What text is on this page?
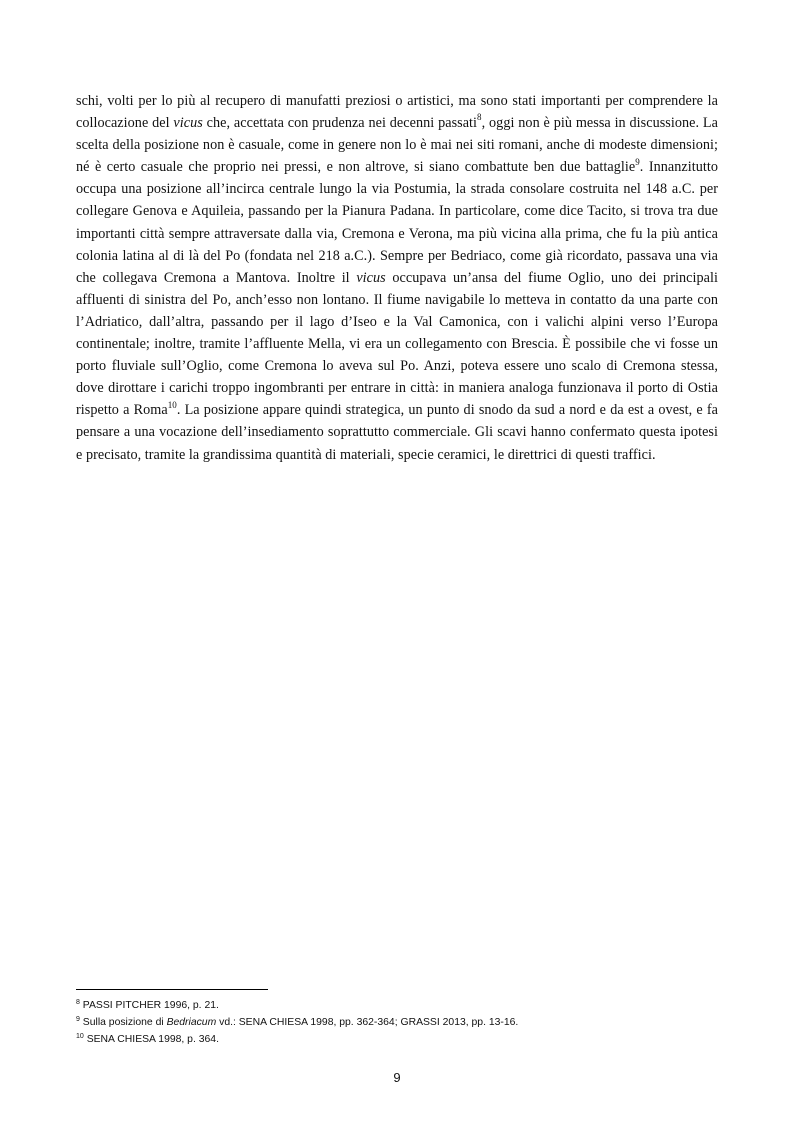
schi, volti per lo più al recupero di manufatti preziosi o artistici, ma sono stati importanti per comprendere la collocazione del vicus che, accettata con prudenza nei decenni passati$^8$, oggi non è più messa in discussione. La scelta della posizione non è casuale, come in genere non lo è mai nei siti romani, anche di modeste dimensioni; né è certo casuale che proprio nei pressi, e non altrove, si siano combattute ben due battaglie$^9$. Innanzitutto occupa una posizione all’incirca centrale lungo la via Postumia, la strada consolare costruita nel 148 a.C. per collegare Genova e Aquileia, passando per la Pianura Padana. In particolare, come dice Tacito, si trova tra due importanti città sempre attraversate dalla via, Cremona e Verona, ma più vicina alla prima, che fu la più antica colonia latina al di là del Po (fondata nel 218 a.C.). Sempre per Bedriaco, come già ricordato, passava una via che collegava Cremona a Mantova. Inoltre il vicus occupava un’ansa del fiume Oglio, uno dei principali affluenti di sinistra del Po, anch’esso non lontano. Il fiume navigabile lo metteva in contatto da una parte con l’Adriatico, dall’altra, passando per il lago d’Iseo e la Val Camonica, con i valichi alpini verso l’Europa continentale; inoltre, tramite l’affluente Mella, vi era un collegamento con Brescia. È possibile che vi fosse un porto fluviale sull’Oglio, come Cremona lo aveva sul Po. Anzi, poteva essere uno scalo di Cremona stessa, dove dirottare i carichi troppo ingombranti per entrare in città: in maniera analoga funzionava il porto di Ostia rispetto a Roma$^{10}$. La posizione appare quindi strategica, un punto di snodo da sud a nord e da est a ovest, e fa pensare a una vocazione dell’insediamento soprattutto commerciale. Gli scavi hanno confermato questa ipotesi e precisato, tramite la grandissima quantità di materiali, specie ceramici, le direttrici di questi traffici.

$^8$ PASSI PITCHER 1996, p. 21.
$^9$ Sulla posizione di Bedriacum vd.: SENA CHIESA 1998, pp. 362-364; GRASSI 2013, pp. 13-16.
$^{10}$ SENA CHIESA 1998, p. 364.
9
